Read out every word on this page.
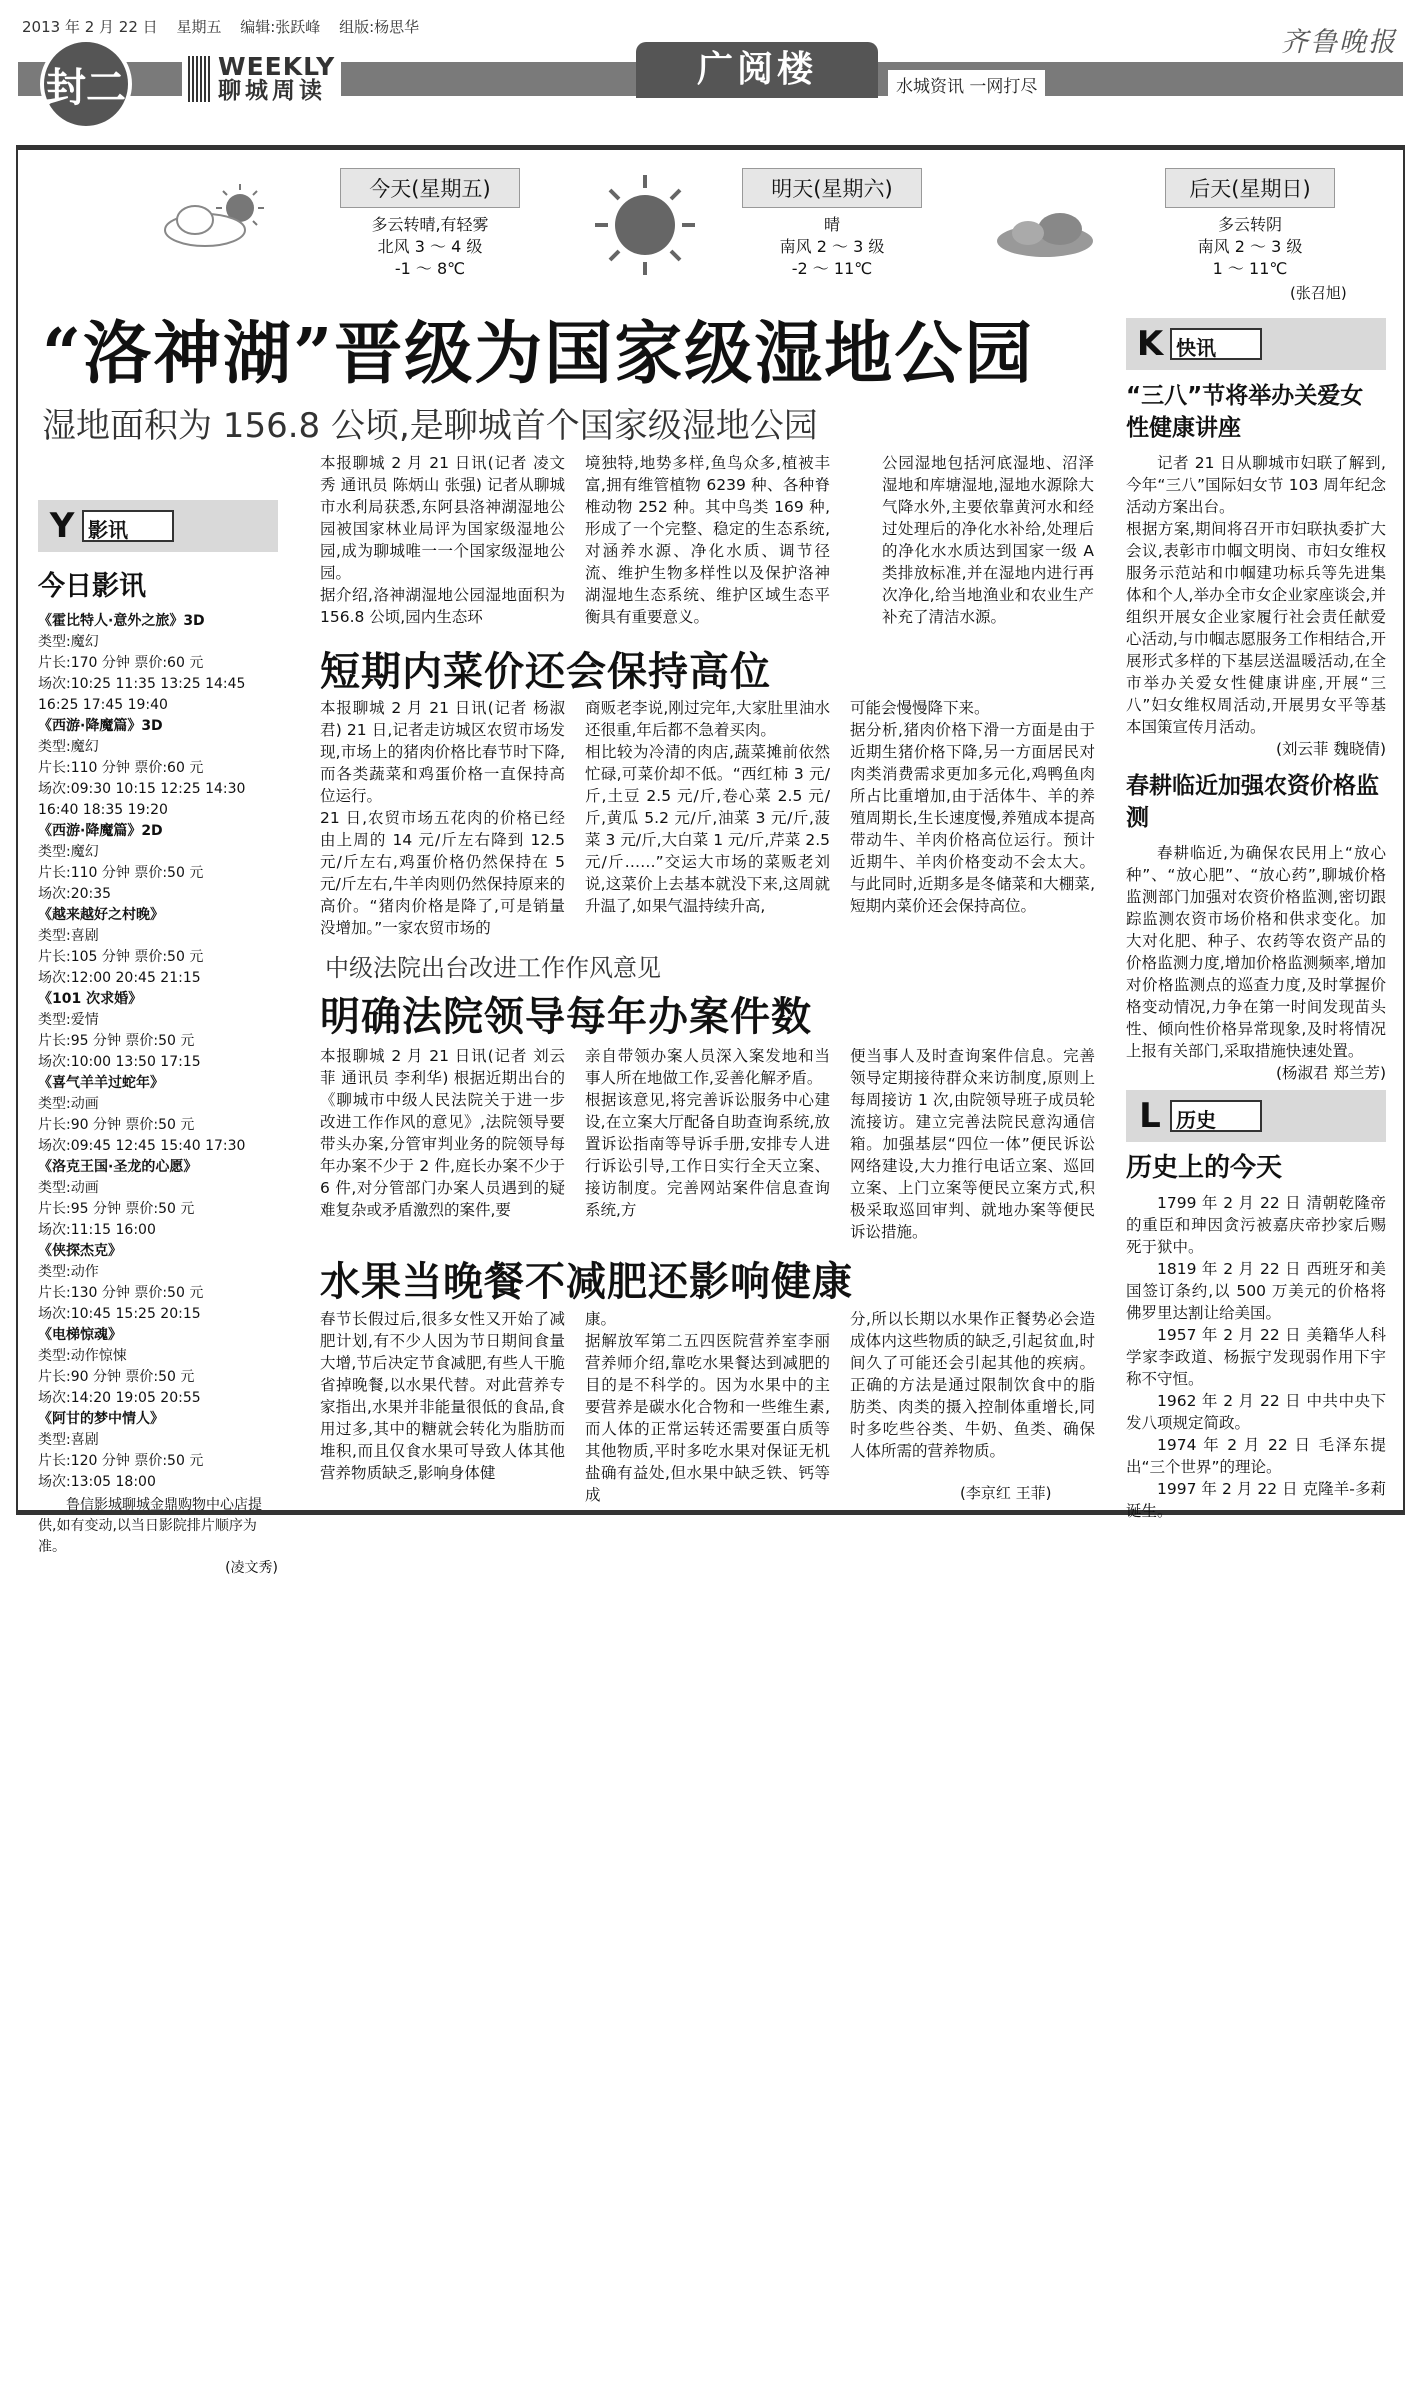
2013 年 2 月 22 日 星期五 编辑:张跃峰 组版:杨思华	齐鲁晚报
封二	WEEKLY
聊城周读
广阅楼	水城资讯 一网打尽
今天(星期五)
多云转晴,有轻雾
北风 3 ～ 4 级
-1 ～ 8℃
明天(星期六)
晴
南风 2 ～ 3 级
-2 ～ 11℃
后天(星期日)
多云转阴
南风 2 ～ 3 级
1 ～ 11℃
(张召旭)
“洛神湖”晋级为国家级湿地公园
湿地面积为 156.8 公顷,是聊城首个国家级湿地公园
Y 影讯
今日影讯
《霍比特人·意外之旅》3D
类型:魔幻
片长:170 分钟 票价:60 元
场次:10:25 11:35 13:25 14:45 16:25 17:45 19:40
《西游·降魔篇》3D
类型:魔幻
片长:110 分钟 票价:60 元
场次:09:30 10:15 12:25 14:30 16:40 18:35 19:20
《西游·降魔篇》2D
类型:魔幻
片长:110 分钟 票价:50 元
场次:20:35
《越来越好之村晚》
类型:喜剧
片长:105 分钟 票价:50 元
场次:12:00 20:45 21:15
《101 次求婚》
类型:爱情
片长:95 分钟 票价:50 元
场次:10:00 13:50 17:15
《喜气羊羊过蛇年》
类型:动画
片长:90 分钟 票价:50 元
场次:09:45 12:45 15:40 17:30
《洛克王国·圣龙的心愿》
类型:动画
片长:95 分钟 票价:50 元
场次:11:15 16:00
《侠探杰克》
类型:动作
片长:130 分钟 票价:50 元
场次:10:45 15:25 20:15
《电梯惊魂》
类型:动作惊悚
片长:90 分钟 票价:50 元
场次:14:20 19:05 20:55
《阿甘的梦中情人》
类型:喜剧
片长:120 分钟 票价:50 元
场次:13:05 18:00
鲁信影城聊城金鼎购物中心店提供,如有变动,以当日影院排片顺序为准。
(凌文秀)
本报聊城 2 月 21 日讯(记者 凌文秀 通讯员 陈炳山 张强) 记者从聊城市水利局获悉,东阿县洛神湖湿地公园被国家林业局评为国家级湿地公园,成为聊城唯一一个国家级湿地公园。
据介绍,洛神湖湿地公园湿地面积为 156.8 公顷,园内生态环
境独特,地势多样,鱼鸟众多,植被丰富,拥有维管植物 6239 种、各种脊椎动物 252 种。其中鸟类 169 种,形成了一个完整、稳定的生态系统,对涵养水源、净化水质、调节径流、维护生物多样性以及保护洛神湖湿地生态系统、维护区域生态平衡具有重要意义。
公园湿地包括河底湿地、沼泽湿地和库塘湿地,湿地水源除大气降水外,主要依靠黄河水和经过处理后的净化水补给,处理后的净化水水质达到国家一级 A 类排放标准,并在湿地内进行再次净化,给当地渔业和农业生产补充了清洁水源。
短期内菜价还会保持高位
本报聊城 2 月 21 日讯(记者 杨淑君) 21 日,记者走访城区农贸市场发现,市场上的猪肉价格比春节时下降,而各类蔬菜和鸡蛋价格一直保持高位运行。
21 日,农贸市场五花肉的价格已经由上周的 14 元/斤左右降到 12.5 元/斤左右,鸡蛋价格仍然保持在 5 元/斤左右,牛羊肉则仍然保持原来的高价。“猪肉价格是降了,可是销量没增加。”一家农贸市场的
商贩老李说,刚过完年,大家肚里油水还很重,年后都不急着买肉。
相比较为冷清的肉店,蔬菜摊前依然忙碌,可菜价却不低。“西红柿 3 元/斤,土豆 2.5 元/斤,卷心菜 2.5 元/斤,黄瓜 5.2 元/斤,油菜 3 元/斤,菠菜 3 元/斤,大白菜 1 元/斤,芹菜 2.5 元/斤……”交运大市场的菜贩老刘说,这菜价上去基本就没下来,这周就升温了,如果气温持续升高,
可能会慢慢降下来。
据分析,猪肉价格下滑一方面是由于近期生猪价格下降,另一方面居民对肉类消费需求更加多元化,鸡鸭鱼肉所占比重增加,由于活体牛、羊的养殖周期长,生长速度慢,养殖成本提高带动牛、羊肉价格高位运行。预计近期牛、羊肉价格变动不会太大。与此同时,近期多是冬储菜和大棚菜,短期内菜价还会保持高位。
中级法院出台改进工作作风意见
明确法院领导每年办案件数
本报聊城 2 月 21 日讯(记者 刘云菲 通讯员 李利华) 根据近期出台的《聊城市中级人民法院关于进一步改进工作作风的意见》,法院领导要带头办案,分管审判业务的院领导每年办案不少于 2 件,庭长办案不少于 6 件,对分管部门办案人员遇到的疑难复杂或矛盾激烈的案件,要
亲自带领办案人员深入案发地和当事人所在地做工作,妥善化解矛盾。
根据该意见,将完善诉讼服务中心建设,在立案大厅配备自助查询系统,放置诉讼指南等导诉手册,安排专人进行诉讼引导,工作日实行全天立案、接访制度。完善网站案件信息查询系统,方
便当事人及时查询案件信息。完善领导定期接待群众来访制度,原则上每周接访 1 次,由院领导班子成员轮流接访。建立完善法院民意沟通信箱。加强基层“四位一体”便民诉讼网络建设,大力推行电话立案、巡回立案、上门立案等便民立案方式,积极采取巡回审判、就地办案等便民诉讼措施。
水果当晚餐不减肥还影响健康
春节长假过后,很多女性又开始了减肥计划,有不少人因为节日期间食量大增,节后决定节食减肥,有些人干脆省掉晚餐,以水果代替。对此营养专家指出,水果并非能量很低的食品,食用过多,其中的糖就会转化为脂肪而堆积,而且仅食水果可导致人体其他营养物质缺乏,影响身体健
康。
据解放军第二五四医院营养室李丽营养师介绍,靠吃水果餐达到减肥的目的是不科学的。因为水果中的主要营养是碳水化合物和一些维生素,而人体的正常运转还需要蛋白质等其他物质,平时多吃水果对保证无机盐确有益处,但水果中缺乏铁、钙等成
分,所以长期以水果作正餐势必会造成体内这些物质的缺乏,引起贫血,时间久了可能还会引起其他的疾病。正确的方法是通过限制饮食中的脂肪类、肉类的摄入控制体重增长,同时多吃些谷类、牛奶、鱼类、确保人体所需的营养物质。
(李京红 王菲)
K 快讯
“三八”节将举办关爱女性健康讲座
记者 21 日从聊城市妇联了解到,今年“三八”国际妇女节 103 周年纪念活动方案出台。
根据方案,期间将召开市妇联执委扩大会议,表彰市巾帼文明岗、市妇女维权服务示范站和巾帼建功标兵等先进集体和个人,举办全市女企业家座谈会,并组织开展女企业家履行社会责任献爱心活动,与巾帼志愿服务工作相结合,开展形式多样的下基层送温暖活动,在全市举办关爱女性健康讲座,开展“三八”妇女维权周活动,开展男女平等基本国策宣传月活动。
(刘云菲 魏晓倩)
春耕临近加强农资价格监测
春耕临近,为确保农民用上“放心种”、“放心肥”、“放心药”,聊城价格监测部门加强对农资价格监测,密切跟踪监测农资市场价格和供求变化。加大对化肥、种子、农药等农资产品的价格监测力度,增加价格监测频率,增加对价格监测点的巡查力度,及时掌握价格变动情况,力争在第一时间发现苗头性、倾向性价格异常现象,及时将情况上报有关部门,采取措施快速处置。
(杨淑君 郑兰芳)
L 历史
历史上的今天
1799 年 2 月 22 日 清朝乾隆帝的重臣和珅因贪污被嘉庆帝抄家后赐死于狱中。
1819 年 2 月 22 日 西班牙和美国签订条约,以 500 万美元的价格将佛罗里达割让给美国。
1957 年 2 月 22 日 美籍华人科学家李政道、杨振宁发现弱作用下宇称不守恒。
1962 年 2 月 22 日 中共中央下发八项规定简政。
1974 年 2 月 22 日 毛泽东提出“三个世界”的理论。
1997 年 2 月 22 日 克隆羊-多莉诞生。
